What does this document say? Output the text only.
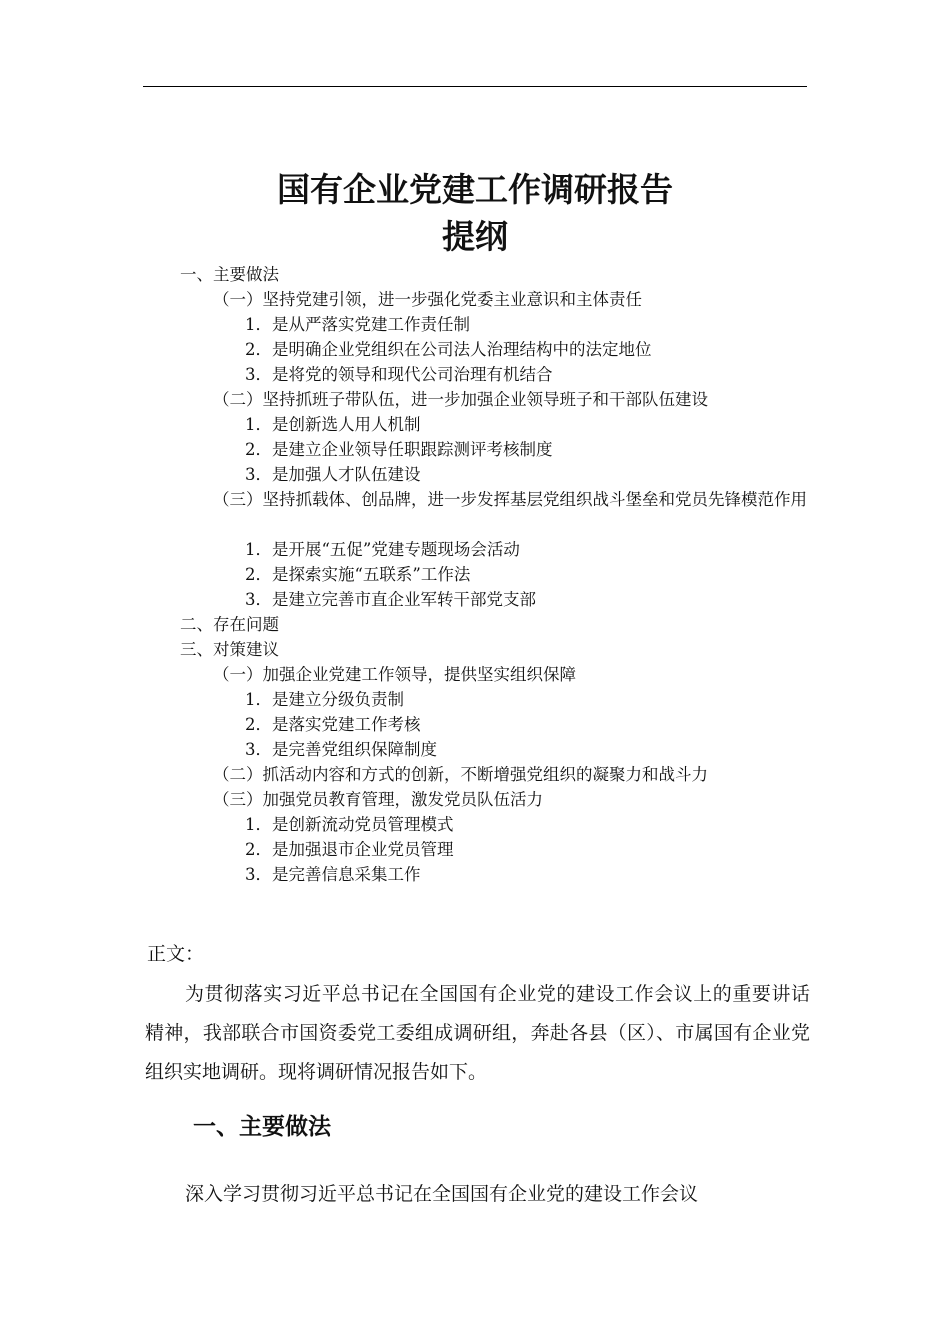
国有企业党建工作调研报告
提纲
一、主要做法
（一）坚持党建引领，进一步强化党委主业意识和主体责任
1．是从严落实党建工作责任制
2．是明确企业党组织在公司法人治理结构中的法定地位
3．是将党的领导和现代公司治理有机结合
（二）坚持抓班子带队伍，进一步加强企业领导班子和干部队伍建设
1．是创新选人用人机制
2．是建立企业领导任职跟踪测评考核制度
3．是加强人才队伍建设
（三）坚持抓载体、创品牌，进一步发挥基层党组织战斗堡垒和党员先锋模范作用
1．是开展“五促”党建专题现场会活动
2．是探索实施“五联系”工作法
3．是建立完善市直企业军转干部党支部
二、存在问题
三、对策建议
（一）加强企业党建工作领导，提供坚实组织保障
1．是建立分级负责制
2．是落实党建工作考核
3．是完善党组织保障制度
（二）抓活动内容和方式的创新，不断增强党组织的凝聚力和战斗力
（三）加强党员教育管理，激发党员队伍活力
1．是创新流动党员管理模式
2．是加强退市企业党员管理
3．是完善信息采集工作
正文：
为贯彻落实习近平总书记在全国国有企业党的建设工作会议上的重要讲话精神，我部联合市国资委党工委组成调研组，奔赴各县（区）、市属国有企业党组织实地调研。现将调研情况报告如下。
一、主要做法
深入学习贯彻习近平总书记在全国国有企业党的建设工作会议
